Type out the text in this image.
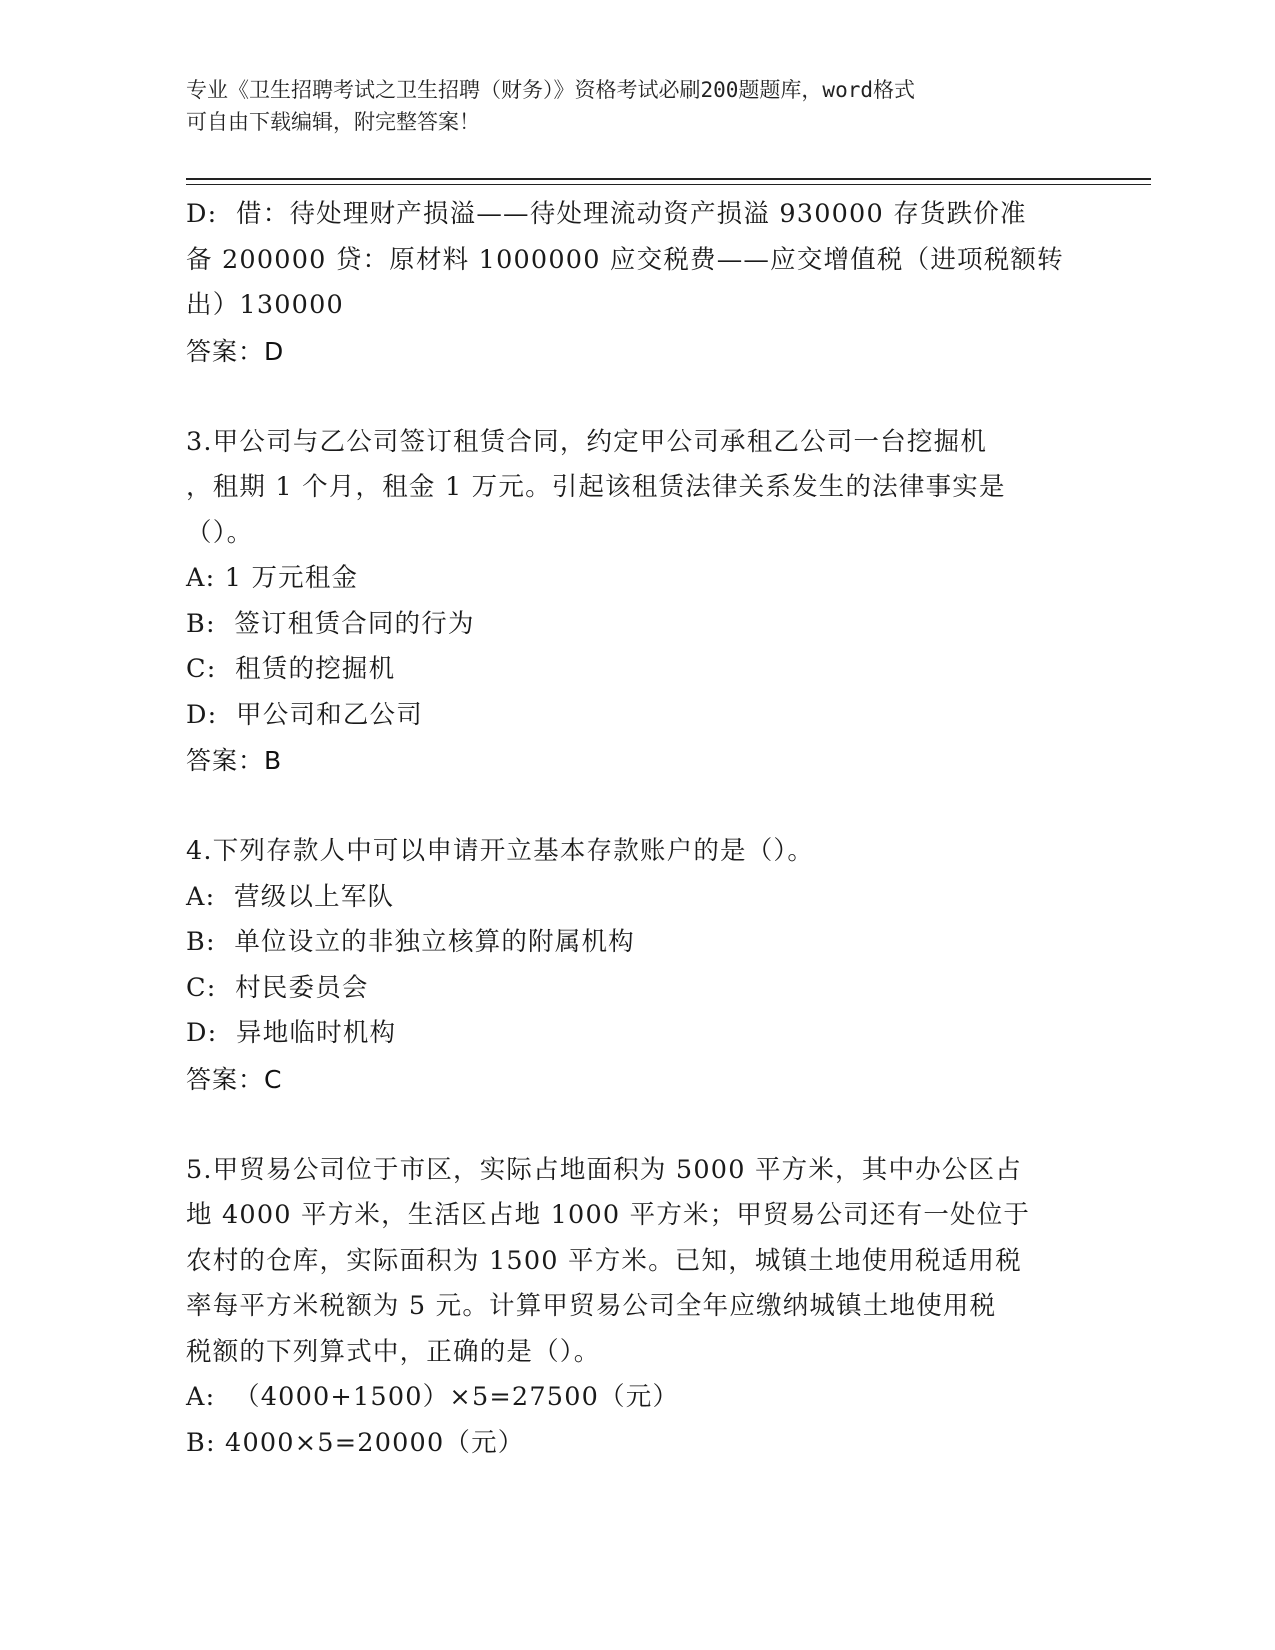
专业《卫生招聘考试之卫生招聘（财务）》资格考试必刷200题题库，word格式
可自由下载编辑，附完整答案！
D:  借：待处理财产损溢——待处理流动资产损溢 930000 存货跌价准
备 200000 贷：原材料 1000000 应交税费——应交增值税（进项税额转
出）130000
答案：D
3.甲公司与乙公司签订租赁合同，约定甲公司承租乙公司一台挖掘机
，租期 1 个月，租金 1 万元。引起该租赁法律关系发生的法律事实是
（）。
A: 1 万元租金
B:  签订租赁合同的行为
C:  租赁的挖掘机
D:  甲公司和乙公司
答案：B
4.下列存款人中可以申请开立基本存款账户的是（）。
A:  营级以上军队
B:  单位设立的非独立核算的附属机构
C:  村民委员会
D:  异地临时机构
答案：C
5.甲贸易公司位于市区，实际占地面积为 5000 平方米，其中办公区占
地 4000 平方米，生活区占地 1000 平方米；甲贸易公司还有一处位于
农村的仓库，实际面积为 1500 平方米。已知，城镇土地使用税适用税
率每平方米税额为 5 元。计算甲贸易公司全年应缴纳城镇土地使用税
税额的下列算式中，正确的是（）。
A:  （4000+1500）×5=27500（元）
B: 4000×5=20000（元）
